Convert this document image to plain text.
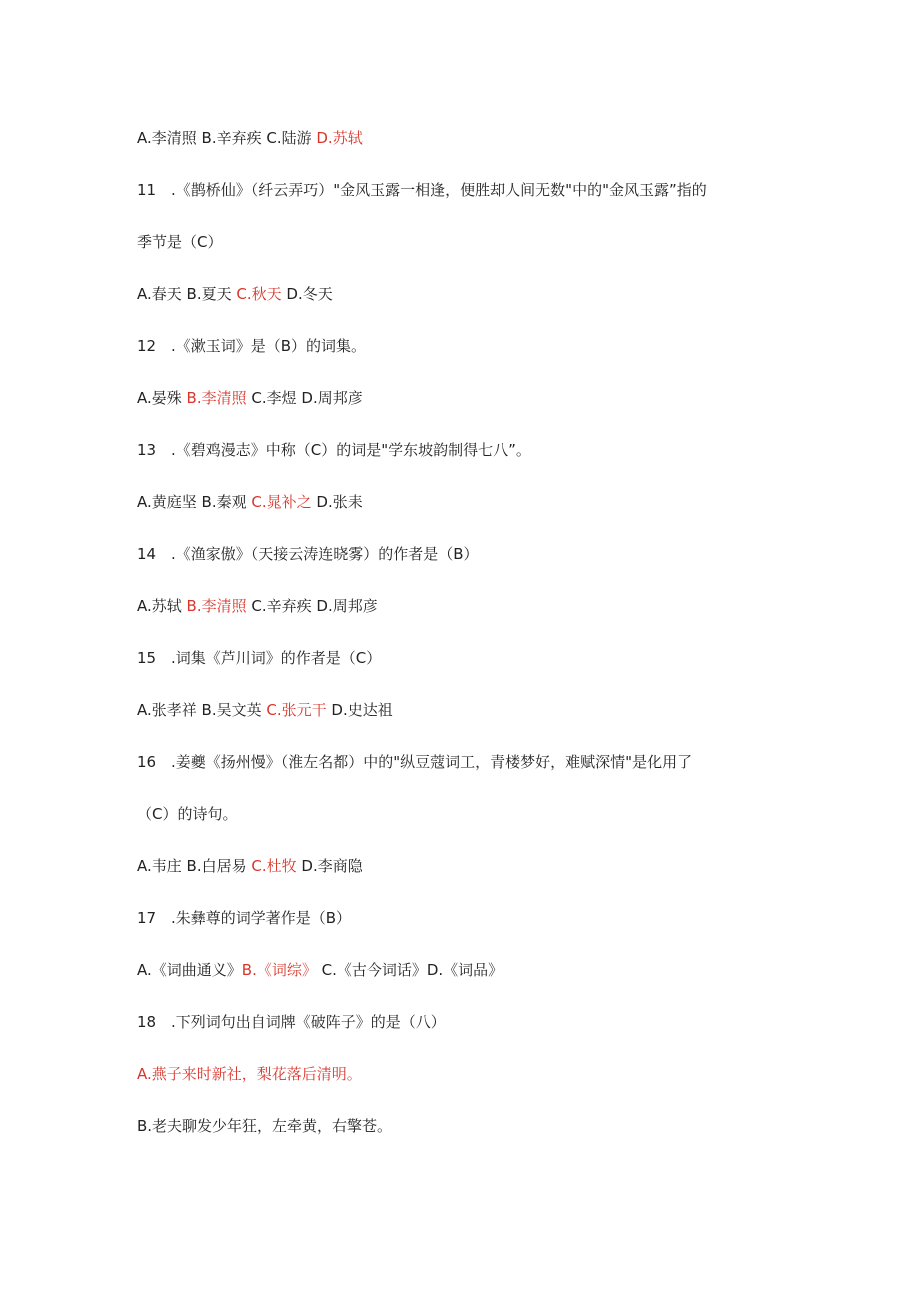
A.李清照 B.辛弃疾 C.陆游 D.苏轼
11 .《鹊桥仙》（纤云弄巧）"金风玉露一相逢，便胜却人间无数"中的"金风玉露”指的
季节是（C）
A.春天 B.夏天 C.秋天 D.冬天
12 .《漱玉词》是（B）的词集。
A.晏殊 B.李清照 C.李煜 D.周邦彦
13 .《碧鸡漫志》中称（C）的词是"学东坡韵制得七八”。
A.黄庭坚 B.秦观 C.晁补之 D.张耒
14 .《渔家傲》（天接云涛连晓雾）的作者是（B）
A.苏轼 B.李清照 C.辛弃疾 D.周邦彦
15 .词集《芦川词》的作者是（C）
A.张孝祥 B.吴文英 C.张元干 D.史达祖
16 .姜夔《扬州慢》（淮左名都）中的"纵豆蔻词工，青楼梦好，难赋深情"是化用了
（C）的诗句。
A.韦庄 B.白居易 C.杜牧 D.李商隐
17 .朱彝尊的词学著作是（B）
A.《词曲通义》B.《词综》 C.《古今词话》D.《词品》
18 .下列词句出自词牌《破阵子》的是（八）
A.燕子来时新社，梨花落后清明。
B.老夫聊发少年狂，左牵黄，右擎苍。
